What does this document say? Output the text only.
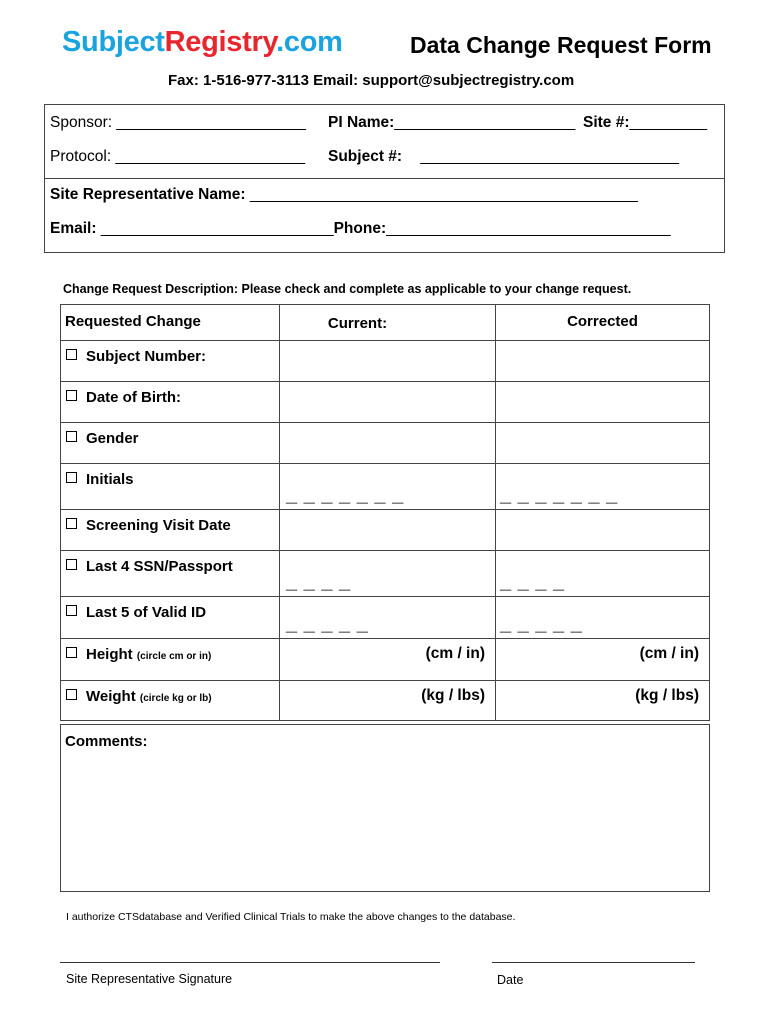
SubjectRegistry.com	Data Change Request Form
Fax: 1-516-977-3113 Email: support@subjectregistry.com
Sponsor: ______________________ PI Name:_____________________ Site #:_________
Protocol: ______________________ Subject #: ______________________________
Site Representative Name: _____________________________________________
Email: ___________________________Phone:_________________________________
Change Request Description: Please check and complete as applicable to your change request.
Requested Change	Current:	Corrected

Subject Number:		

Date of Birth:		

Gender		

Initials	_ _ _ _ _ _ _	_ _ _ _ _ _ _

Screening Visit Date		

Last 4 SSN/Passport	_ _ _ _	_ _ _ _

Last 5 of Valid ID	_ _ _ _ _	_ _ _ _ _

Height (circle cm or in)	(cm / in)	(cm / in)

Weight (circle kg or lb)	(kg / lbs)	(kg / lbs)
Comments:
I authorize CTSdatabase and Verified Clinical Trials to make the above changes to the database.
Site Representative Signature	Date
